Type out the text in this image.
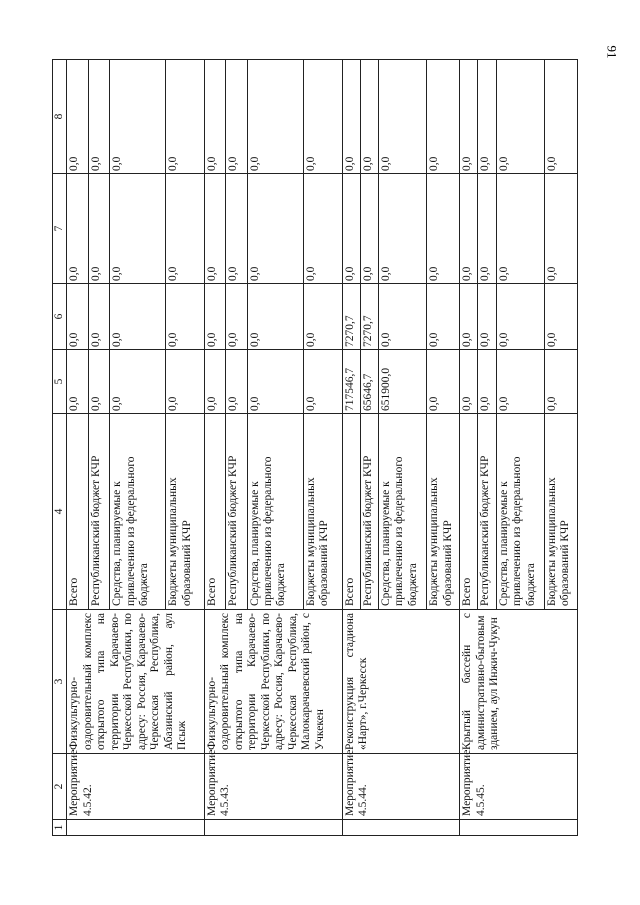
91
1	2	3	4	5	6	7	8
	Мероприятие 4.5.42.	Физкультурно-оздоровительный комплекс открытого типа на территории Карачаево-Черкесской Республики, по адресу: Россия, Карачаево-Черкесская Республика, Абазинский район, аул Псыж	Всего	0,0	0,0	0,0	0,0
			Республиканский бюджет КЧР	0,0	0,0	0,0	0,0
			Средства, планируемые к привлечению из федерального бюджета	0,0	0,0	0,0	0,0
			Бюджеты муниципальных образований КЧР	0,0	0,0	0,0	0,0
	Мероприятие 4.5.43.	Физкультурно-оздоровительный комплекс открытого типа на территории Карачаево-Черкесской Республики, по адресу: Россия, Карачаево-Черкесская Республика, Малокарачаевский район, с Учкекен	Всего	0,0	0,0	0,0	0,0
			Республиканский бюджет КЧР	0,0	0,0	0,0	0,0
			Средства, планируемые к привлечению из федерального бюджета	0,0	0,0	0,0	0,0
			Бюджеты муниципальных образований КЧР	0,0	0,0	0,0	0,0
	Мероприятие 4.5.44.	Реконструкция стадиона «Нарт», г.Черкесск	Всего	717546,7	7270,7	0,0	0,0
			Республиканский бюджет КЧР	65646,7	7270,7	0,0	0,0
			Средства, планируемые к привлечению из федерального бюджета	651900,0	0,0	0,0	0,0
			Бюджеты муниципальных образований КЧР	0,0	0,0	0,0	0,0
	Мероприятие 4.5.45.	Крытый бассейн с административно-бытовым зданием, аул Инжич-Чукун	Всего	0,0	0,0	0,0	0,0
			Республиканский бюджет КЧР	0,0	0,0	0,0	0,0
			Средства, планируемые к привлечению из федерального бюджета	0,0	0,0	0,0	0,0
			Бюджеты муниципальных образований КЧР	0,0	0,0	0,0	0,0
